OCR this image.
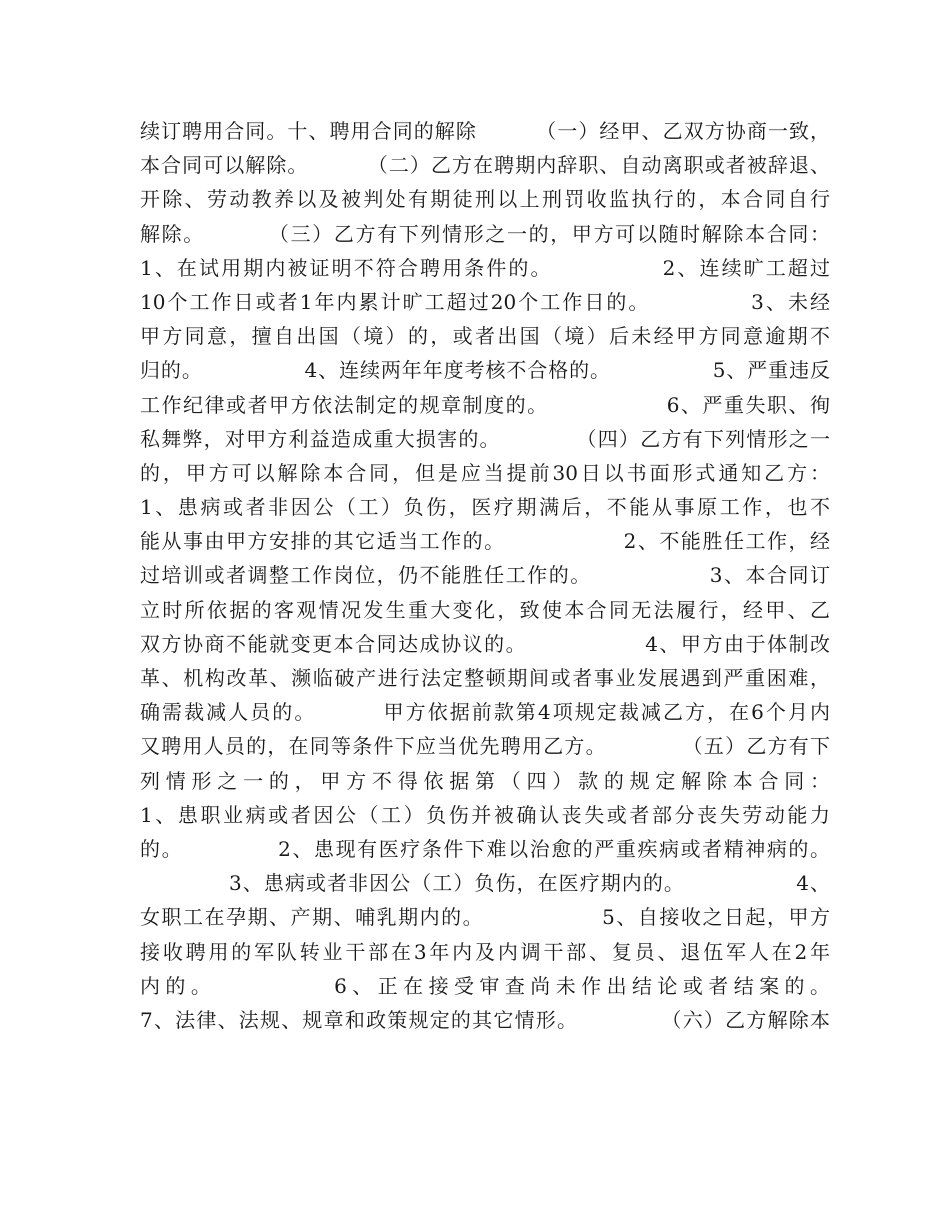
续订聘用合同。十、聘用合同的解除        （一）经甲、乙双方协商一致，
本合同可以解除。        （二）乙方在聘期内辞职、自动离职或者被辞退、
开除、劳动教养以及被判处有期徒刑以上刑罚收监执行的，本合同自行
解除。        （三）乙方有下列情形之一的，甲方可以随时解除本合同：
1、在试用期内被证明不符合聘用条件的。             2、连续旷工超过
10个工作日或者1年内累计旷工超过20个工作日的。            3、未经
甲方同意，擅自出国（境）的，或者出国（境）后未经甲方同意逾期不
归的。              4、连续两年年度考核不合格的。              5、严重违反
工作纪律或者甲方依法制定的规章制度的。               6、严重失职、徇
私舞弊，对甲方利益造成重大损害的。          （四）乙方有下列情形之一
的，甲方可以解除本合同，但是应当提前30日以书面形式通知乙方：
1、患病或者非因公（工）负伤，医疗期满后，不能从事原工作，也不
能从事由甲方安排的其它适当工作的。               2、不能胜任工作，经
过培训或者调整工作岗位，仍不能胜任工作的。               3、本合同订
立时所依据的客观情况发生重大变化，致使本合同无法履行，经甲、乙
双方协商不能就变更本合同达成协议的。               4、甲方由于体制改
革、机构改革、濒临破产进行法定整顿期间或者事业发展遇到严重困难，
确需裁减人员的。        甲方依据前款第4项规定裁减乙方，在6个月内
又聘用人员的，在同等条件下应当优先聘用乙方。          （五）乙方有下
列情形之一的，甲方不得依据第（四）款的规定解除本合同：
1、患职业病或者因公（工）负伤并被确认丧失或者部分丧失劳动能力
的。            2、患现有医疗条件下难以治愈的严重疾病或者精神病的。
3、患病或者非因公（工）负伤，在医疗期内的。               4、
女职工在孕期、产期、哺乳期内的。               5、自接收之日起，甲方
接收聘用的军队转业干部在3年内及内调干部、复员、退伍军人在2年
内的。          6、正在接受审查尚未作出结论或者结案的。
7、法律、法规、规章和政策规定的其它情形。           （六）乙方解除本
